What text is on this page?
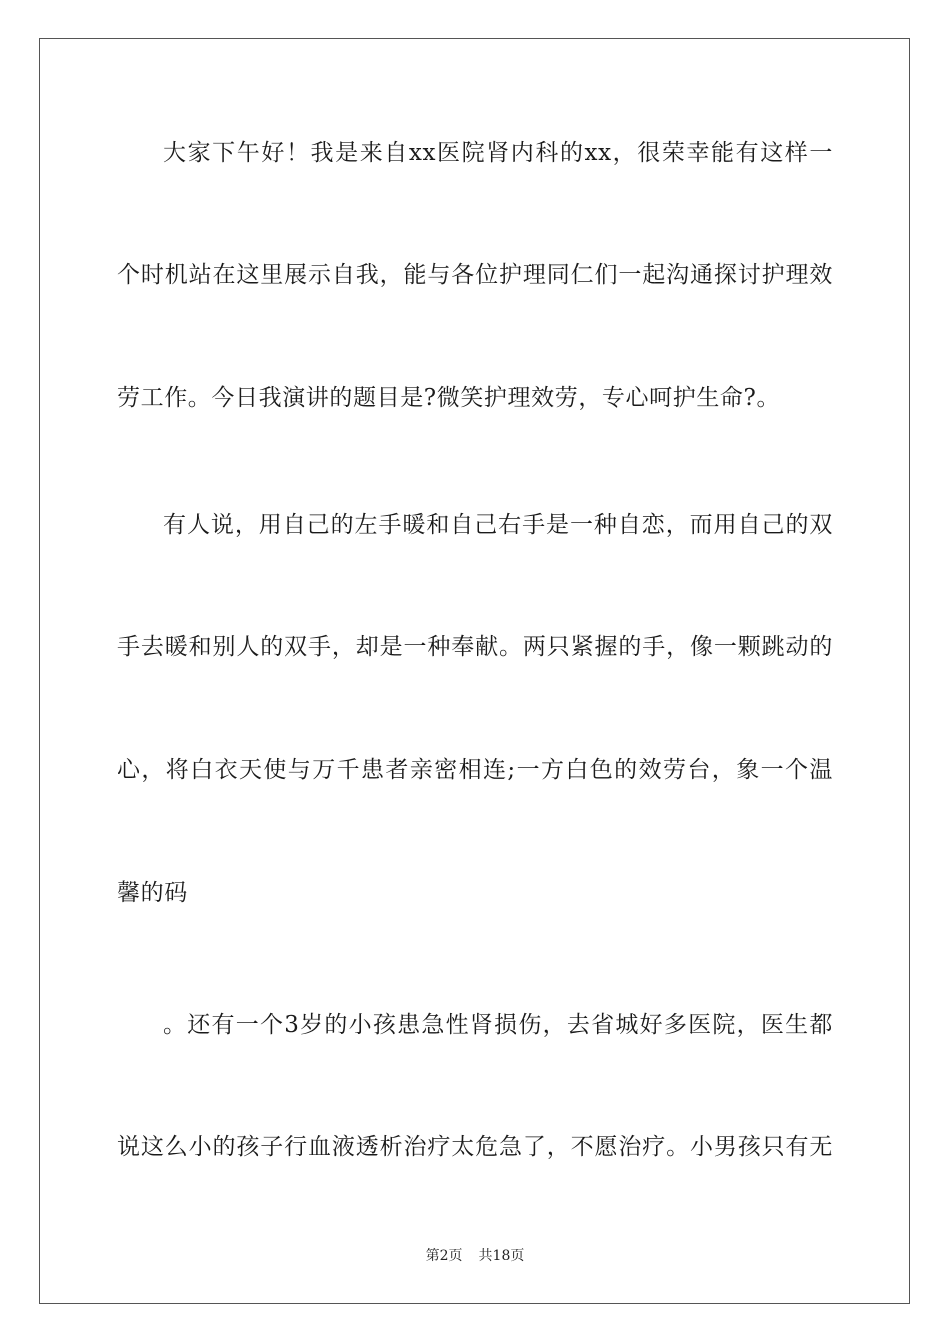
大家下午好！我是来自xx医院肾内科的xx，很荣幸能有这样一
个时机站在这里展示自我，能与各位护理同仁们一起沟通探讨护理效
劳工作。今日我演讲的题目是?微笑护理效劳，专心呵护生命?。
有人说，用自己的左手暖和自己右手是一种自恋，而用自己的双
手去暖和别人的双手，却是一种奉献。两只紧握的手，像一颗跳动的
心，将白衣天使与万千患者亲密相连;一方白色的效劳台，象一个温
馨的码
。还有一个3岁的小孩患急性肾损伤，去省城好多医院，医生都
说这么小的孩子行血液透析治疗太危急了，不愿治疗。小男孩只有无
第2页 共18页
